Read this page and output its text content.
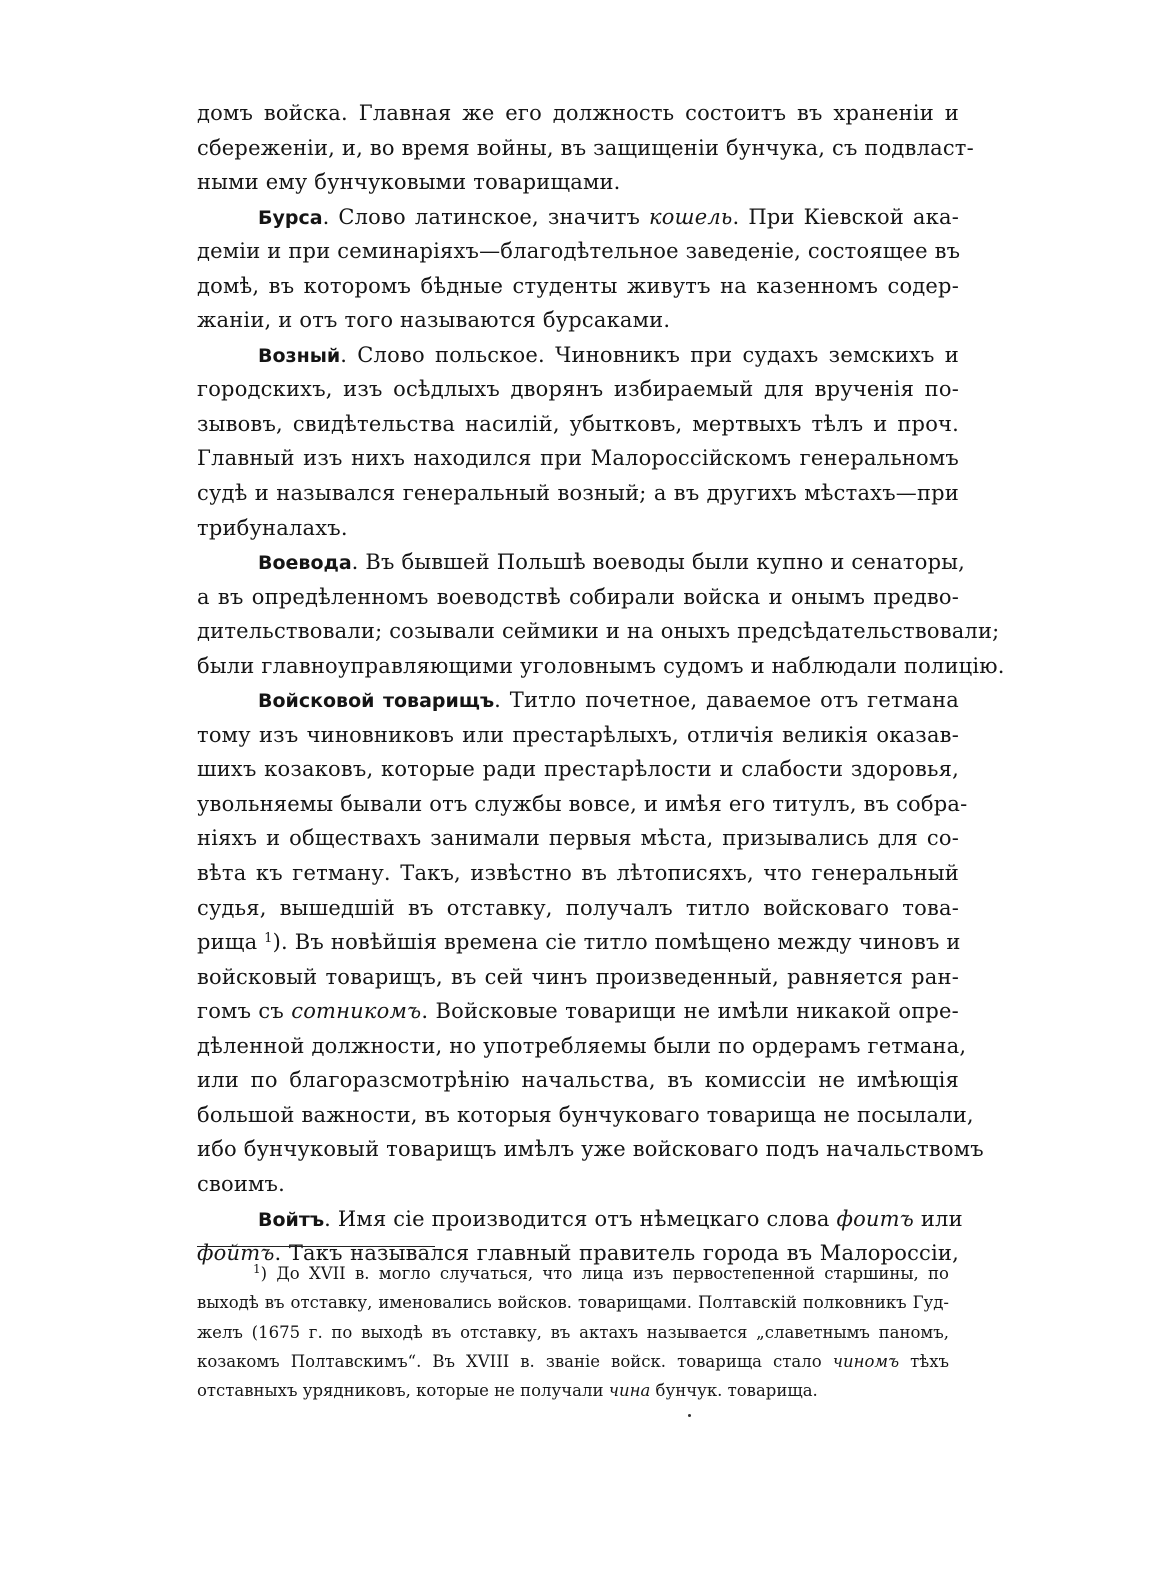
домъ войска. Главная же его должность состоитъ въ храненіи и
сбереженіи, и, во время войны, въ защищеніи бунчука, съ подвласт-
ными ему бунчуковыми товарищами.
Бурса. Слово латинское, значитъ кошель. При Кіевской ака-
деміи и при семинаріяхъ—благодѣтельное заведеніе, состоящее въ
домѣ, въ которомъ бѣдные студенты живутъ на казенномъ содер-
жаніи, и отъ того называются бурсаками.
Возный. Слово польское. Чиновникъ при судахъ земскихъ и
городскихъ, изъ осѣдлыхъ дворянъ избираемый для врученія по-
зывовъ, свидѣтельства насилій, убытковъ, мертвыхъ тѣлъ и проч.
Главный изъ нихъ находился при Малороссійскомъ генеральномъ
судѣ и назывался генеральный возный; а въ другихъ мѣстахъ—при
трибуналахъ.
Воевода. Въ бывшей Польшѣ воеводы были купно и сенаторы,
а въ опредѣленномъ воеводствѣ собирали войска и онымъ предво-
дительствовали; созывали сеймики и на оныхъ предсѣдательствовали;
были главноуправляющими уголовнымъ судомъ и наблюдали полицію.
Войсковой товарищъ. Титло почетное, даваемое отъ гетмана
тому изъ чиновниковъ или престарѣлыхъ, отличія великія оказав-
шихъ козаковъ, которые ради престарѣлости и слабости здоровья,
увольняемы бывали отъ службы вовсе, и имѣя его титулъ, въ собра-
ніяхъ и обществахъ занимали первыя мѣста, призывались для со-
вѣта къ гетману. Такъ, извѣстно въ лѣтописяхъ, что генеральный
судья, вышедшій въ отставку, получалъ титло войсковаго това-
рища $^1$). Въ новѣйшія времена сіе титло помѣщено между чиновъ и
войсковый товарищъ, въ сей чинъ произведенный, равняется ран-
гомъ съ сотникомъ. Войсковые товарищи не имѣли никакой опре-
дѣленной должности, но употребляемы были по ордерамъ гетмана,
или по благоразсмотрѣнію начальства, въ комиссіи не имѣющія
большой важности, въ которыя бунчуковаго товарища не посылали,
ибо бунчуковый товарищъ имѣлъ уже войсковаго подъ начальствомъ
своимъ.
Войтъ. Имя сіе производится отъ нѣмецкаго слова фоитъ или
фойтъ. Такъ назывался главный правитель города въ Малороссіи,
$^1$) До XVII в. могло случаться, что лица изъ первостепенной старшины, по
выходѣ въ отставку, именовались войсков. товарищами. Полтавскій полковникъ Гуд-
желъ (1675 г. по выходѣ въ отставку, въ актахъ называется „славетнымъ паномъ,
козакомъ Полтавскимъ“. Въ XVIII в. званіе войск. товарища стало чиномъ тѣхъ
отставныхъ урядниковъ, которые не получали чина бунчук. товарища.
